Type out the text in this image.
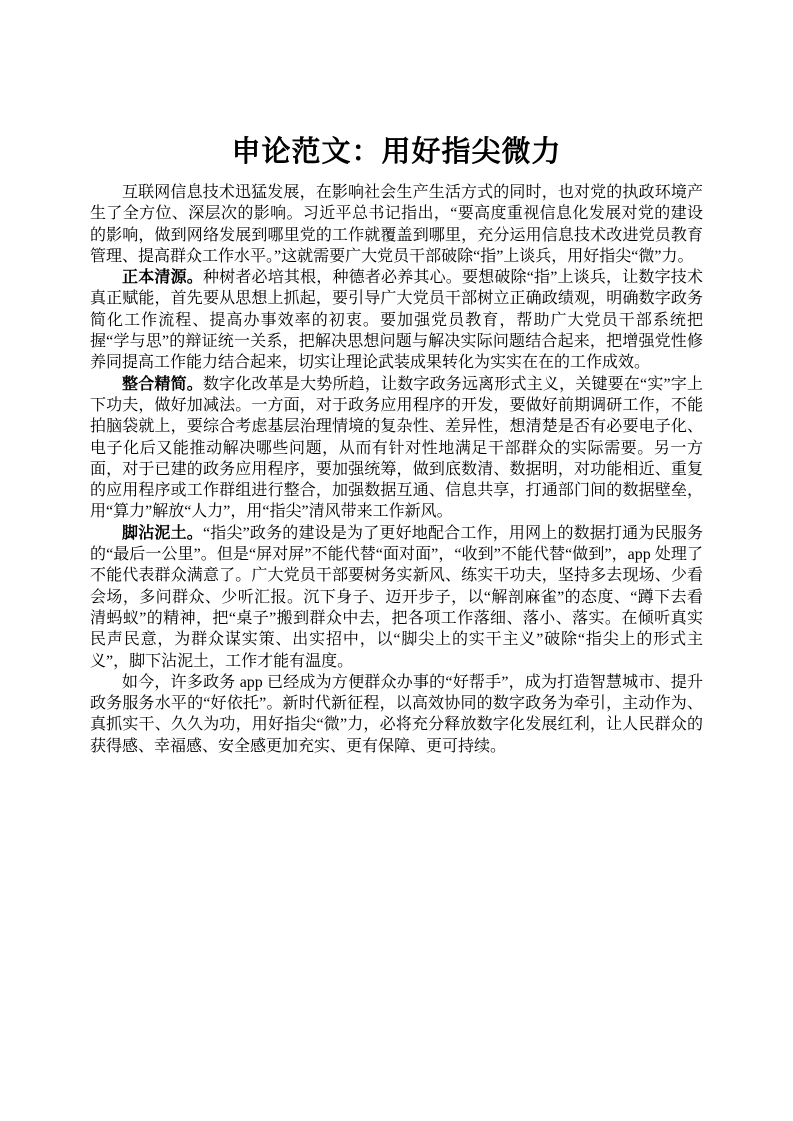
申论范文：用好指尖微力

互联网信息技术迅猛发展，在影响社会生产生活方式的同时，也对党的执政环境产生了全方位、深层次的影响。习近平总书记指出，“要高度重视信息化发展对党的建设的影响，做到网络发展到哪里党的工作就覆盖到哪里，充分运用信息技术改进党员教育管理、提高群众工作水平。”这就需要广大党员干部破除“指”上谈兵，用好指尖“微”力。

正本清源。种树者必培其根，种德者必养其心。要想破除“指”上谈兵，让数字技术真正赋能，首先要从思想上抓起，要引导广大党员干部树立正确政绩观，明确数字政务简化工作流程、提高办事效率的初衷。要加强党员教育，帮助广大党员干部系统把握“学与思”的辩证统一关系，把解决思想问题与解决实际问题结合起来，把增强党性修养同提高工作能力结合起来，切实让理论武装成果转化为实实在在的工作成效。

整合精简。数字化改革是大势所趋，让数字政务远离形式主义，关键要在“实”字上下功夫，做好加减法。一方面，对于政务应用程序的开发，要做好前期调研工作，不能拍脑袋就上，要综合考虑基层治理情境的复杂性、差异性，想清楚是否有必要电子化、电子化后又能推动解决哪些问题，从而有针对性地满足干部群众的实际需要。另一方面，对于已建的政务应用程序，要加强统筹，做到底数清、数据明，对功能相近、重复的应用程序或工作群组进行整合，加强数据互通、信息共享，打通部门间的数据壁垒，用“算力”解放“人力”，用“指尖”清风带来工作新风。

脚沾泥土。“指尖”政务的建设是为了更好地配合工作，用网上的数据打通为民服务的“最后一公里”。但是“屏对屏”不能代替“面对面”，“收到”不能代替“做到”，app 处理了不能代表群众满意了。广大党员干部要树务实新风、练实干功夫，坚持多去现场、少看会场，多问群众、少听汇报。沉下身子、迈开步子，以“解剖麻雀”的态度、“蹲下去看清蚂蚁”的精神，把“桌子”搬到群众中去，把各项工作落细、落小、落实。在倾听真实民声民意，为群众谋实策、出实招中，以“脚尖上的实干主义”破除“指尖上的形式主义”，脚下沾泥土，工作才能有温度。

如今，许多政务 app 已经成为方便群众办事的“好帮手”，成为打造智慧城市、提升政务服务水平的“好依托”。新时代新征程，以高效协同的数字政务为牵引，主动作为、真抓实干、久久为功，用好指尖“微”力，必将充分释放数字化发展红利，让人民群众的获得感、幸福感、安全感更加充实、更有保障、更可持续。
